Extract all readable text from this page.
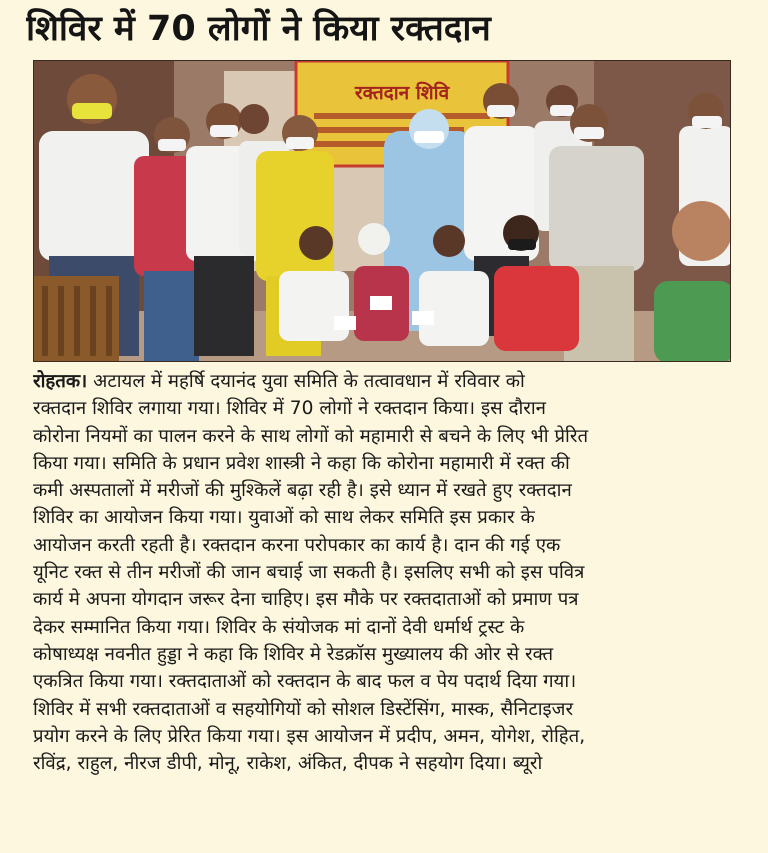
शिविर में 70 लोगों ने किया रक्तदान
रक्तदान शिवि
रोहतक। अटायल में महर्षि दयानंद युवा समिति के तत्वावधान में रविवार को
रक्तदान शिविर लगाया गया। शिविर में 70 लोगों ने रक्तदान किया। इस दौरान
कोरोना नियमों का पालन करने के साथ लोगों को महामारी से बचने के लिए भी प्रेरित
किया गया। समिति के प्रधान प्रवेश शास्त्री ने कहा कि कोरोना महामारी में रक्त की
कमी अस्पतालों में मरीजों की मुश्किलें बढ़ा रही है। इसे ध्यान में रखते हुए रक्तदान
शिविर का आयोजन किया गया। युवाओं को साथ लेकर समिति इस प्रकार के
आयोजन करती रहती है। रक्तदान करना परोपकार का कार्य है। दान की गई एक
यूनिट रक्त से तीन मरीजों की जान बचाई जा सकती है। इसलिए सभी को इस पवित्र
कार्य मे अपना योगदान जरूर देना चाहिए। इस मौके पर रक्तदाताओं को प्रमाण पत्र
देकर सम्मानित किया गया। शिविर के संयोजक मां दानों देवी धर्मार्थ ट्रस्ट के
कोषाध्यक्ष नवनीत हुड्डा ने कहा कि शिविर मे रेडक्रॉस मुख्यालय की ओर से रक्त
एकत्रित किया गया। रक्तदाताओं को रक्तदान के बाद फल व पेय पदार्थ दिया गया।
शिविर में सभी रक्तदाताओं व सहयोगियों को सोशल डिस्टेंसिंग, मास्क, सैनिटाइजर
प्रयोग करने के लिए प्रेरित किया गया। इस आयोजन में प्रदीप, अमन, योगेश, रोहित,
रविंद्र, राहुल, नीरज डीपी, मोनू, राकेश, अंकित, दीपक ने सहयोग दिया। ब्यूरो
